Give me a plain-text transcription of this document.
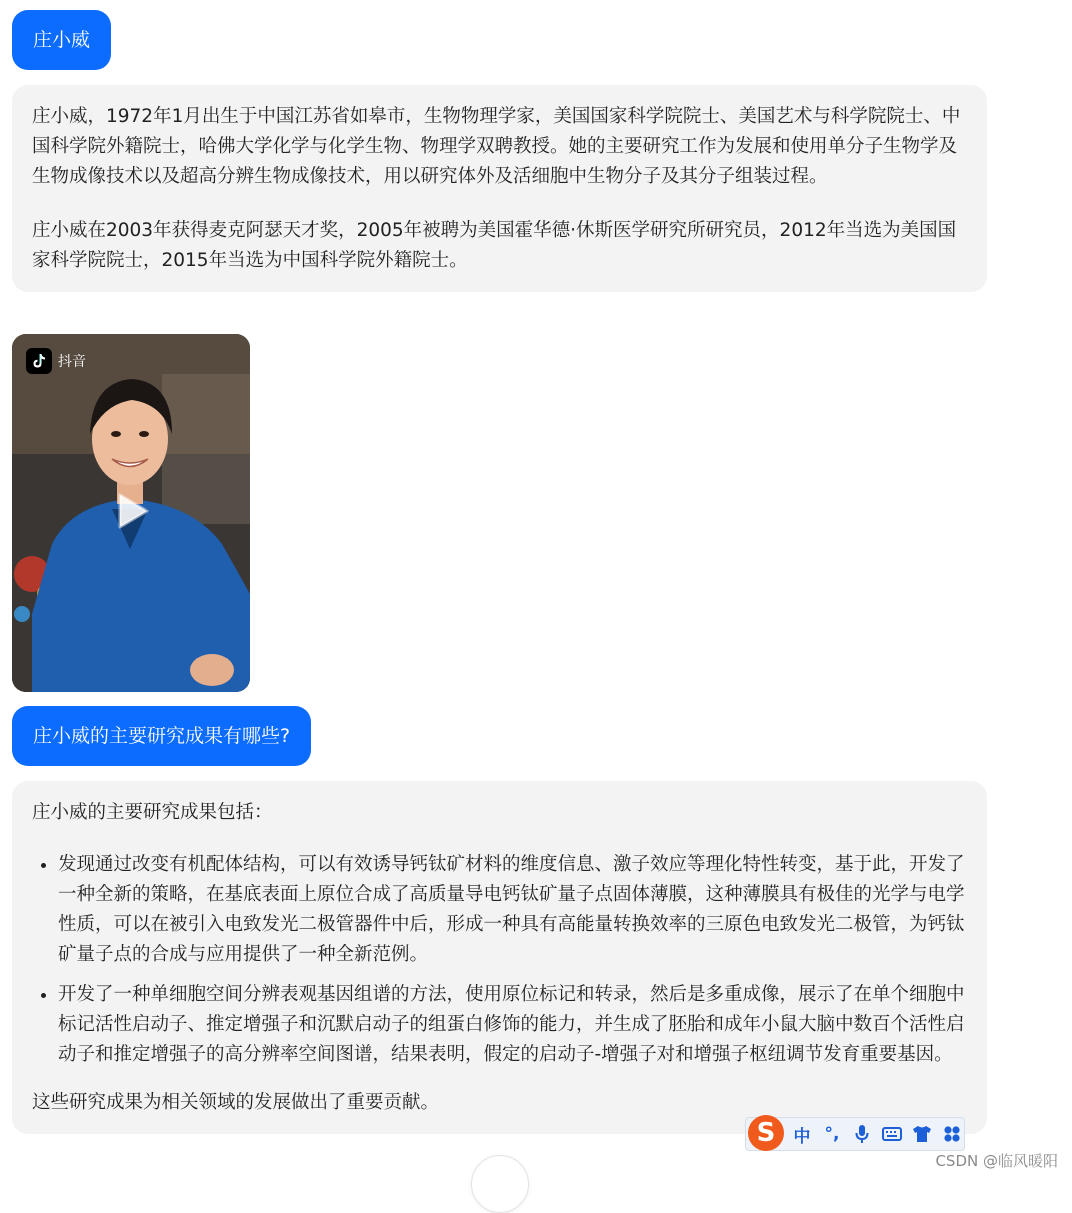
庄小威

庄小威，1972年1月出生于中国江苏省如皋市，生物物理学家，美国国家科学院院士、美国艺术与科学院院士、中国科学院外籍院士，哈佛大学化学与化学生物、物理学双聘教授。她的主要研究工作为发展和使用单分子生物学及生物成像技术以及超高分辨生物成像技术，用以研究体外及活细胞中生物分子及其分子组装过程。

庄小威在2003年获得麦克阿瑟天才奖，2005年被聘为美国霍华德·休斯医学研究所研究员，2012年当选为美国国家科学院院士，2015年当选为中国科学院外籍院士。

抖音
庄小威的主要研究成果有哪些?

庄小威的主要研究成果包括：

• 发现通过改变有机配体结构，可以有效诱导钙钛矿材料的维度信息、激子效应等理化特性转变，基于此，开发了一种全新的策略，在基底表面上原位合成了高质量导电钙钛矿量子点固体薄膜，这种薄膜具有极佳的光学与电学性质，可以在被引入电致发光二极管器件中后，形成一种具有高能量转换效率的三原色电致发光二极管，为钙钛矿量子点的合成与应用提供了一种全新范例。
• 开发了一种单细胞空间分辨表观基因组谱的方法，使用原位标记和转录，然后是多重成像，展示了在单个细胞中标记活性启动子、推定增强子和沉默启动子的组蛋白修饰的能力，并生成了胚胎和成年小鼠大脑中数百个活性启动子和推定增强子的高分辨率空间图谱，结果表明，假定的启动子-增强子对和增强子枢纽调节发育重要基因。

这些研究成果为相关领域的发展做出了重要贡献。

S	中 °,
CSDN @临风暖阳
